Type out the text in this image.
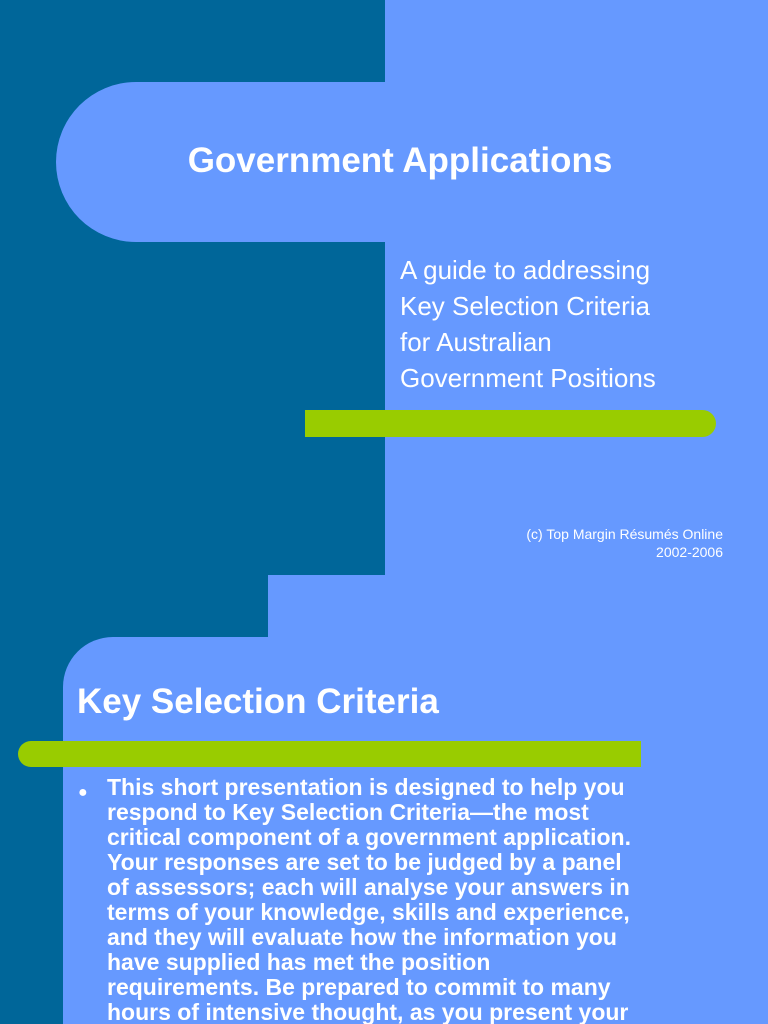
Government Applications
A guide to addressing
Key Selection Criteria
for Australian
Government Positions
(c) Top Margin Résumés Online
2002-2006
Key Selection Criteria
● This short presentation is designed to help you
respond to Key Selection Criteria—the most
critical component of a government application.
Your responses are set to be judged by a panel
of assessors; each will analyse your answers in
terms of your knowledge, skills and experience,
and they will evaluate how the information you
have supplied has met the position
requirements. Be prepared to commit to many
hours of intensive thought, as you present your
